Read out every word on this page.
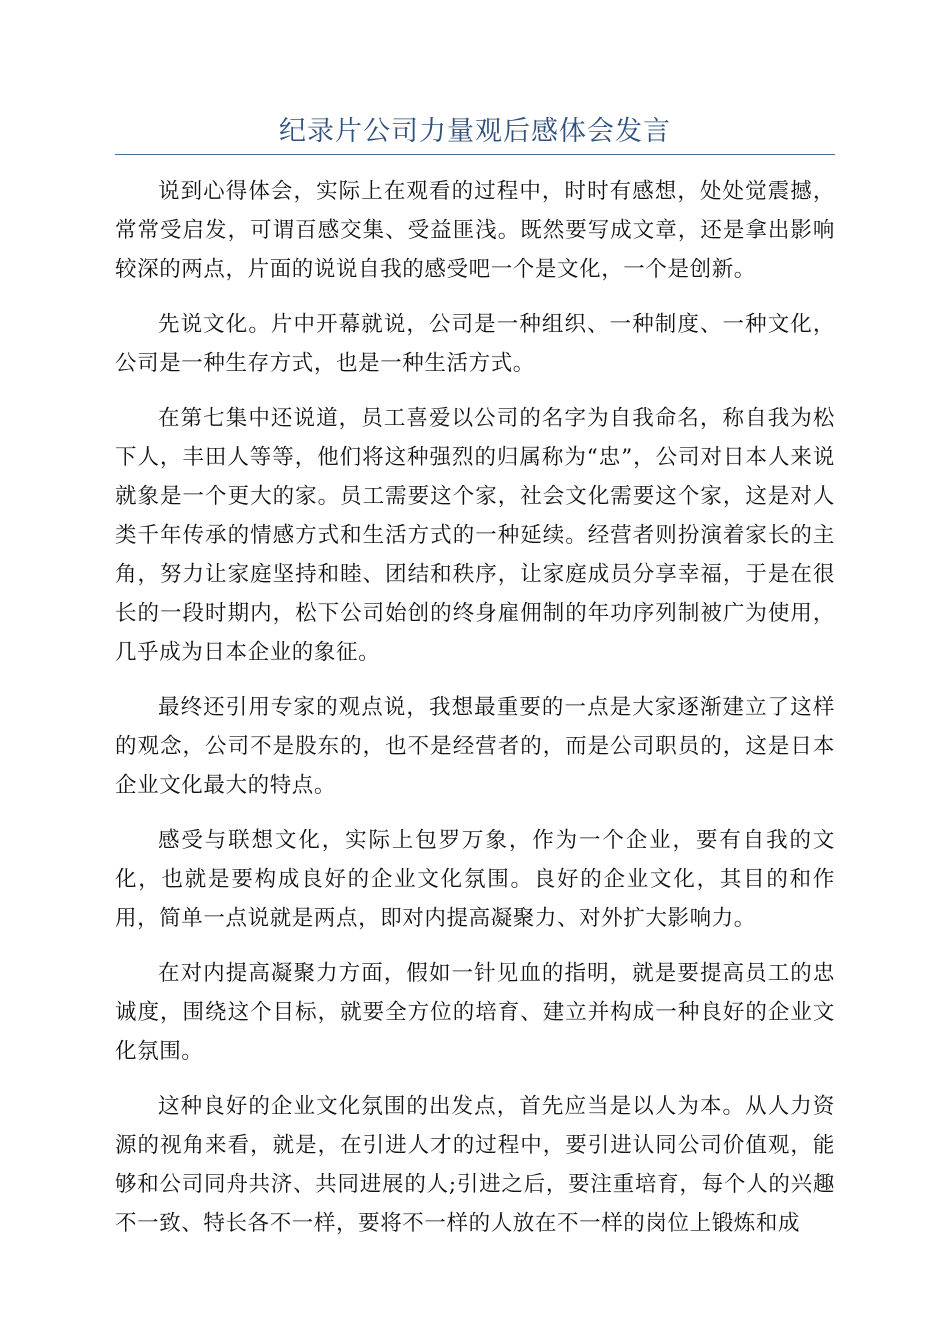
纪录片公司力量观后感体会发言

说到心得体会，实际上在观看的过程中，时时有感想，处处觉震撼，常常受启发，可谓百感交集、受益匪浅。既然要写成文章，还是拿出影响较深的两点，片面的说说自我的感受吧一个是文化，一个是创新。

先说文化。片中开幕就说，公司是一种组织、一种制度、一种文化，公司是一种生存方式，也是一种生活方式。

在第七集中还说道，员工喜爱以公司的名字为自我命名，称自我为松下人，丰田人等等，他们将这种强烈的归属称为“忠”，公司对日本人来说就象是一个更大的家。员工需要这个家，社会文化需要这个家，这是对人类千年传承的情感方式和生活方式的一种延续。经营者则扮演着家长的主角，努力让家庭坚持和睦、团结和秩序，让家庭成员分享幸福，于是在很长的一段时期内，松下公司始创的终身雇佣制的年功序列制被广为使用，几乎成为日本企业的象征。

最终还引用专家的观点说，我想最重要的一点是大家逐渐建立了这样的观念，公司不是股东的，也不是经营者的，而是公司职员的，这是日本企业文化最大的特点。

感受与联想文化，实际上包罗万象，作为一个企业，要有自我的文化，也就是要构成良好的企业文化氛围。良好的企业文化，其目的和作用，简单一点说就是两点，即对内提高凝聚力、对外扩大影响力。

在对内提高凝聚力方面，假如一针见血的指明，就是要提高员工的忠诚度，围绕这个目标，就要全方位的培育、建立并构成一种良好的企业文化氛围。

这种良好的企业文化氛围的出发点，首先应当是以人为本。从人力资源的视角来看，就是，在引进人才的过程中，要引进认同公司价值观，能够和公司同舟共济、共同进展的人;引进之后，要注重培育，每个人的兴趣不一致、特长各不一样，要将不一样的人放在不一样的岗位上锻炼和成
